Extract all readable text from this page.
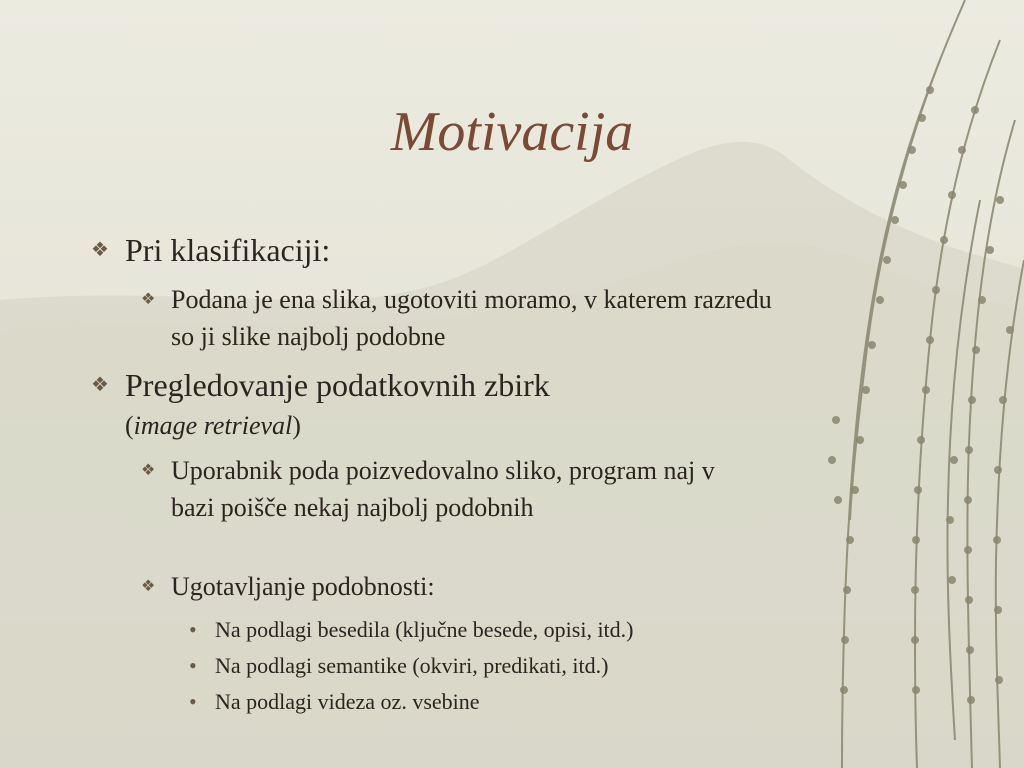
Motivacija
❖ Pri klasifikaciji:
❖ Podana je ena slika, ugotoviti moramo, v katerem razredu so ji slike najbolj podobne
❖ Pregledovanje podatkovnih zbirk
(image retrieval)
❖ Uporabnik poda poizvedovalno sliko, program naj v bazi poišče nekaj najbolj podobnih
❖ Ugotavljanje podobnosti:
• Na podlagi besedila (ključne besede, opisi, itd.)
• Na podlagi semantike (okviri, predikati, itd.)
• Na podlagi videza oz. vsebine
